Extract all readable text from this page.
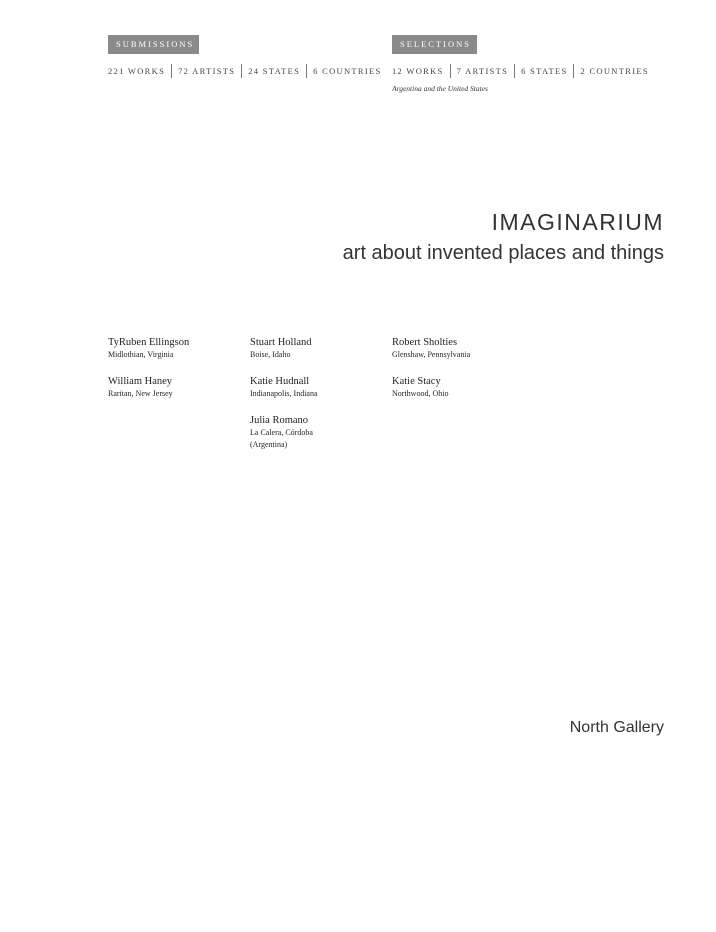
SUBMISSIONS
221 WORKS	72 ARTISTS	24 STATES	6 COUNTRIES
SELECTIONS
12 WORKS	7 ARTISTS	6 STATES	2 COUNTRIES
Argentina and the United States
IMAGINARIUM
art about invented places and things
TyRuben Ellingson
Midlothian, Virginia
William Haney
Raritan, New Jersey
Stuart Holland
Boise, Idaho
Katie Hudnall
Indianapolis, Indiana
Julia Romano
La Calera, Córdoba
(Argentina)
Robert Sholties
Glenshaw, Pennsylvania
Katie Stacy
Northwood, Ohio
North Gallery
